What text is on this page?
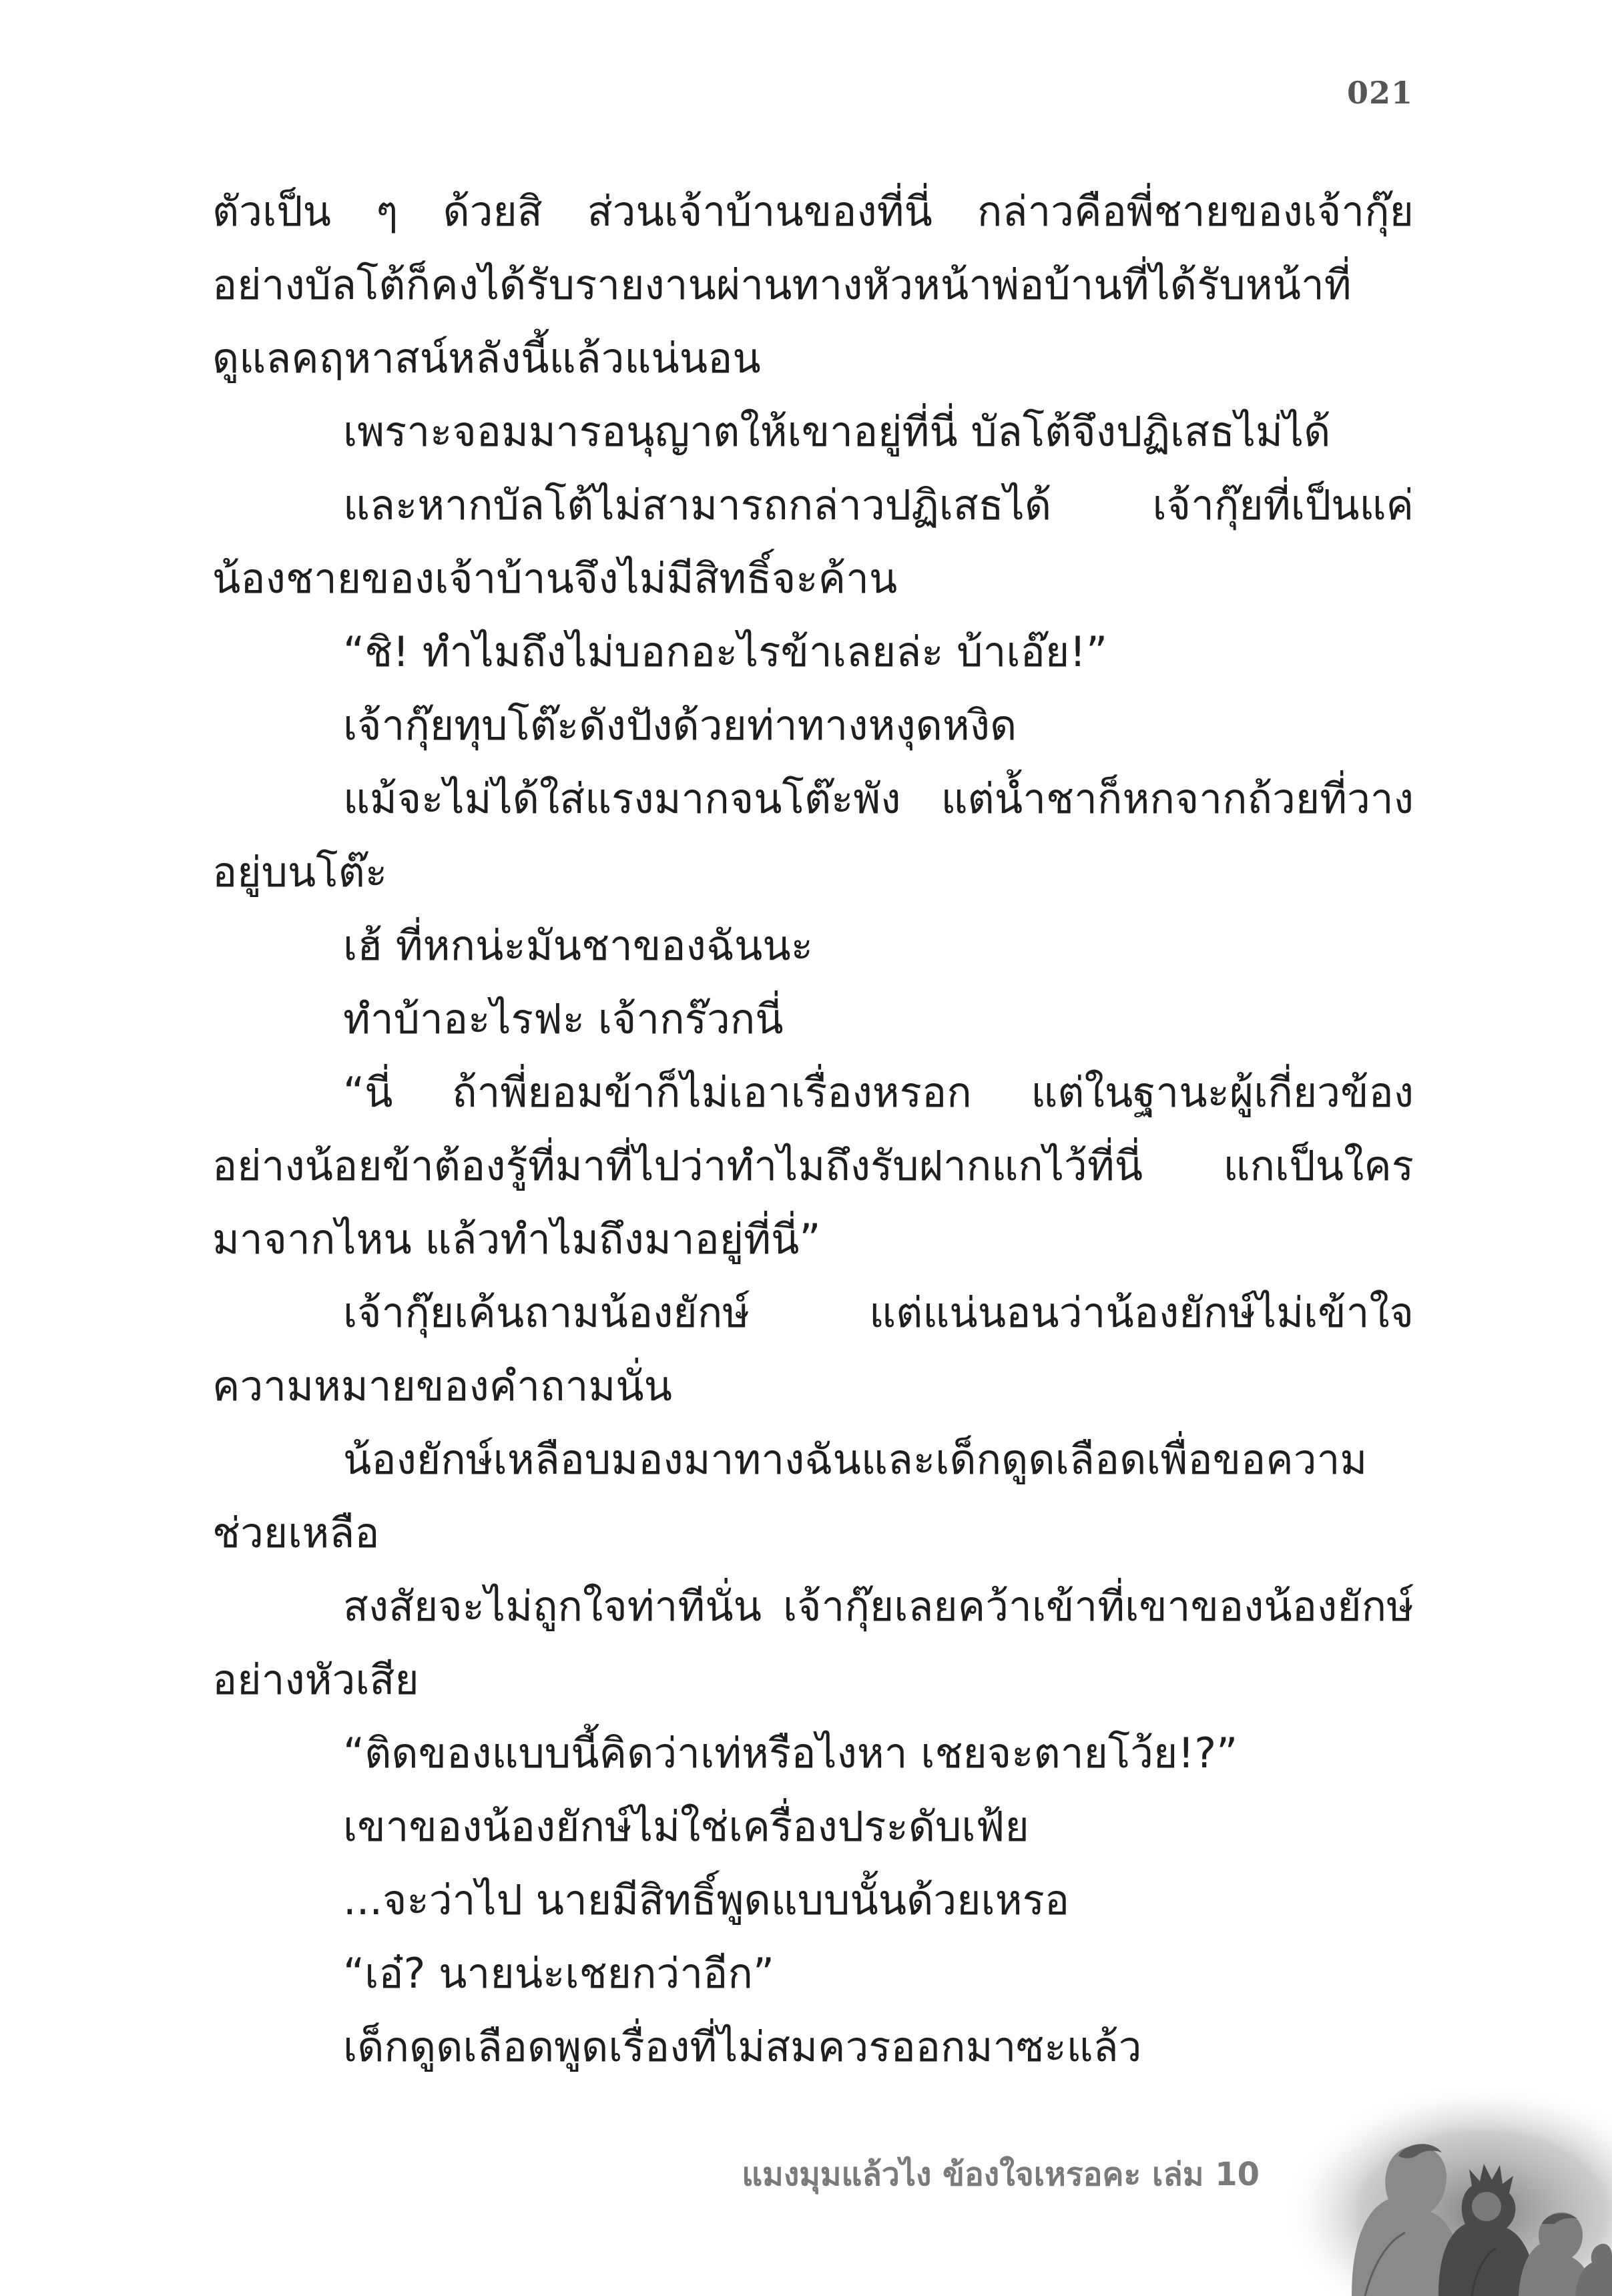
021
ตัวเป็น ๆ ด้วยสิ ส่วนเจ้าบ้านของที่นี่ กล่าวคือพี่ชายของเจ้ากุ๊ย
อย่างบัลโต้ก็คงได้รับรายงานผ่านทางหัวหน้าพ่อบ้านที่ได้รับหน้าที่
ดูแลคฤหาสน์หลังนี้แล้วแน่นอน
เพราะจอมมารอนุญาตให้เขาอยู่ที่นี่ บัลโต้จึงปฏิเสธไม่ได้
และหากบัลโต้ไม่สามารถกล่าวปฏิเสธได้ เจ้ากุ๊ยที่เป็นแค่
น้องชายของเจ้าบ้านจึงไม่มีสิทธิ์จะค้าน
“ชิ! ทำไมถึงไม่บอกอะไรข้าเลยล่ะ บ้าเอ๊ย!”
เจ้ากุ๊ยทุบโต๊ะดังปังด้วยท่าทางหงุดหงิด
แม้จะไม่ได้ใส่แรงมากจนโต๊ะพัง แต่น้ำชาก็หกจากถ้วยที่วาง
อยู่บนโต๊ะ
เฮ้ ที่หกน่ะมันชาของฉันนะ
ทำบ้าอะไรฟะ เจ้ากร๊วกนี่
“นี่ ถ้าพี่ยอมข้าก็ไม่เอาเรื่องหรอก แต่ในฐานะผู้เกี่ยวข้อง
อย่างน้อยข้าต้องรู้ที่มาที่ไปว่าทำไมถึงรับฝากแกไว้ที่นี่ แกเป็นใคร
มาจากไหน แล้วทำไมถึงมาอยู่ที่นี่”
เจ้ากุ๊ยเค้นถามน้องยักษ์ แต่แน่นอนว่าน้องยักษ์ไม่เข้าใจ
ความหมายของคำถามนั่น
น้องยักษ์เหลือบมองมาทางฉันและเด็กดูดเลือดเพื่อขอความ
ช่วยเหลือ
สงสัยจะไม่ถูกใจท่าทีนั่น เจ้ากุ๊ยเลยคว้าเข้าที่เขาของน้องยักษ์
อย่างหัวเสีย
“ติดของแบบนี้คิดว่าเท่หรือไงหา เชยจะตายโว้ย!?”
เขาของน้องยักษ์ไม่ใช่เครื่องประดับเฟ้ย
...จะว่าไป นายมีสิทธิ์พูดแบบนั้นด้วยเหรอ
“เอ๋? นายน่ะเชยกว่าอีก”
เด็กดูดเลือดพูดเรื่องที่ไม่สมควรออกมาซะแล้ว
แมงมุมแล้วไง ข้องใจเหรอคะ เล่ม 10
